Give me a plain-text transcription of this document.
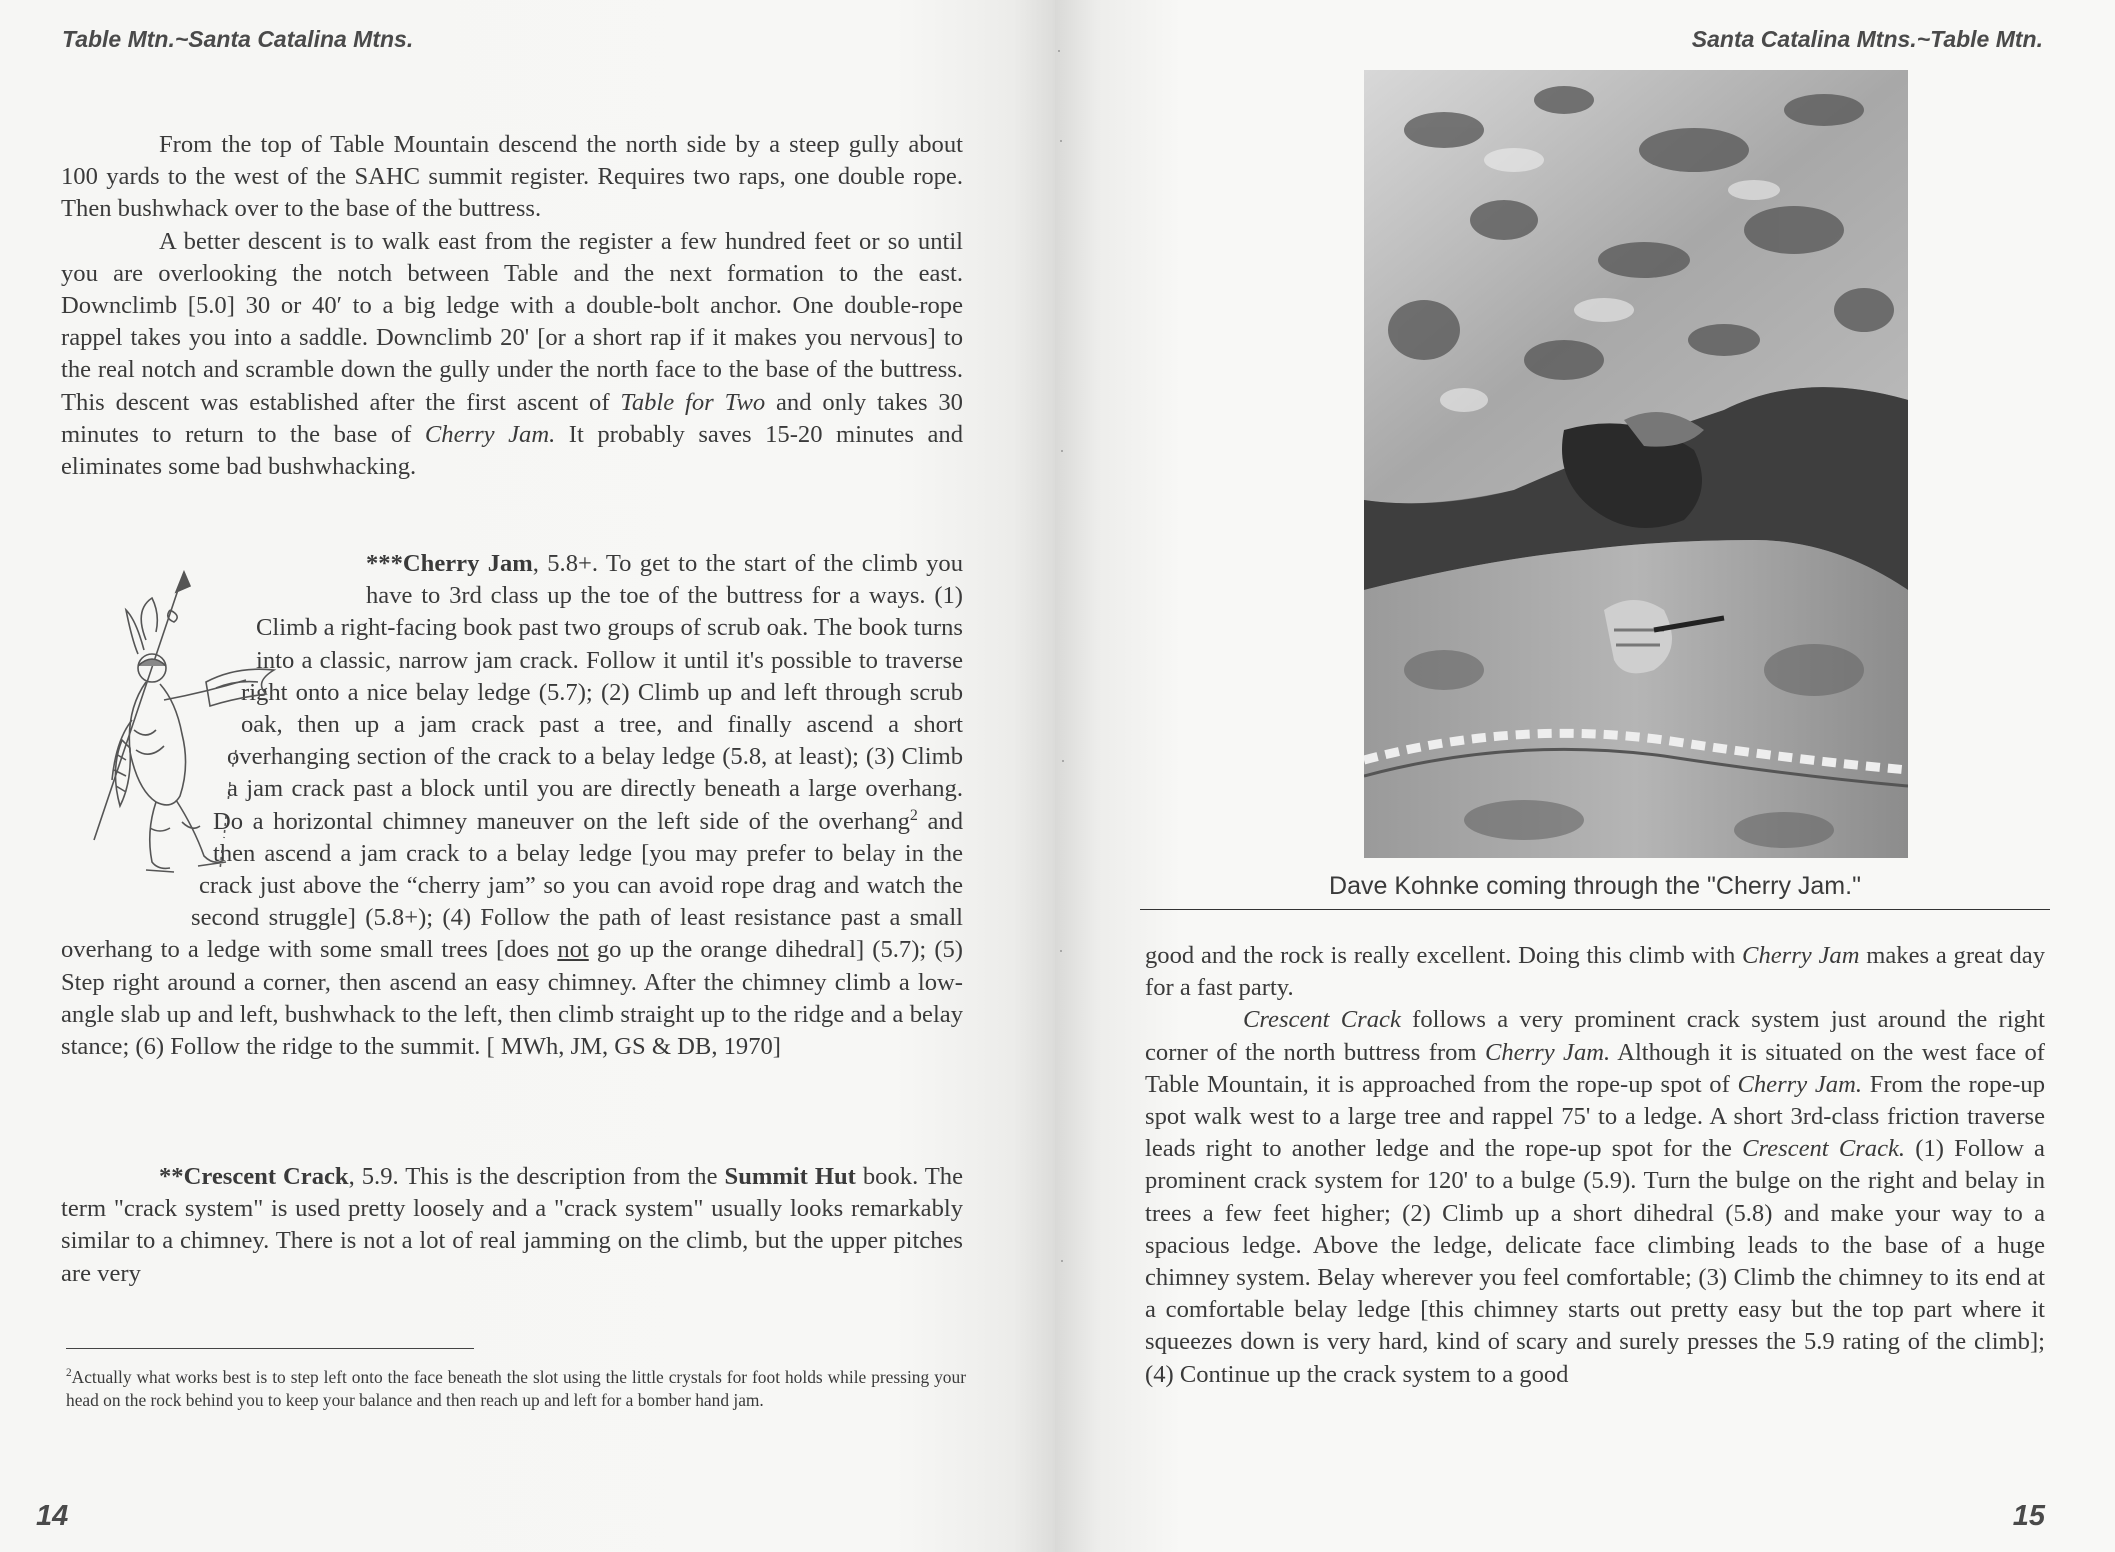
Table Mtn.~Santa Catalina Mtns.

From the top of Table Mountain descend the north side by a steep gully about 100 yards to the west of the SAHC summit register. Requires two raps, one double rope. Then bushwhack over to the base of the buttress.

A better descent is to walk east from the register a few hundred feet or so until you are overlooking the notch between Table and the next formation to the east. Downclimb [5.0] 30 or 40′ to a big ledge with a double-bolt anchor. One double-rope rappel takes you into a saddle. Downclimb 20' [or a short rap if it makes you nervous] to the real notch and scramble down the gully under the north face to the base of the buttress. This descent was established after the first ascent of Table for Two and only takes 30 minutes to return to the base of Cherry Jam. It probably saves 15-20 minutes and eliminates some bad bushwhacking.

***Cherry Jam, 5.8+. To get to the start of the climb you have to 3rd class up the toe of the buttress for a ways. (1) Climb a right-facing book past two groups of scrub oak. The book turns into a classic, narrow jam crack. Follow it until it's possible to traverse right onto a nice belay ledge (5.7); (2) Climb up and left through scrub oak, then up a jam crack past a tree, and finally ascend a short overhanging section of the crack to a belay ledge (5.8, at least); (3) Climb a jam crack past a block until you are directly beneath a large overhang. Do a horizontal chimney maneuver on the left side of the overhang$^2$ and then ascend a jam crack to a belay ledge [you may prefer to belay in the crack just above the “cherry jam” so you can avoid rope drag and watch the second struggle] (5.8+); (4) Follow the path of least resistance past a small overhang to a ledge with some small trees [does not go up the orange dihedral] (5.7); (5) Step right around a corner, then ascend an easy chimney. After the chimney climb a low-angle slab up and left, bushwhack to the left, then climb straight up to the ridge and a belay stance; (6) Follow the ridge to the summit. [ MWh, JM, GS & DB, 1970]

**Crescent Crack, 5.9. This is the description from the Summit Hut book. The term "crack system" is used pretty loosely and a "crack system" usually looks remarkably similar to a chimney. There is not a lot of real jamming on the climb, but the upper pitches are very

$^2$Actually what works best is to step left onto the face beneath the slot using the little crystals for foot holds while pressing your head on the rock behind you to keep your balance and then reach up and left for a bomber hand jam.
14
Santa Catalina Mtns.~Table Mtn.
15
Dave Kohnke coming through the "Cherry Jam."

good and the rock is really excellent. Doing this climb with Cherry Jam makes a great day for a fast party.

Crescent Crack follows a very prominent crack system just around the right corner of the north buttress from Cherry Jam. Although it is situated on the west face of Table Mountain, it is approached from the rope-up spot of Cherry Jam. From the rope-up spot walk west to a large tree and rappel 75' to a ledge. A short 3rd-class friction traverse leads right to another ledge and the rope-up spot for the Crescent Crack. (1) Follow a prominent crack system for 120' to a bulge (5.9). Turn the bulge on the right and belay in trees a few feet higher; (2) Climb up a short dihedral (5.8) and make your way to a spacious ledge. Above the ledge, delicate face climbing leads to the base of a huge chimney system. Belay wherever you feel comfortable; (3) Climb the chimney to its end at a comfortable belay ledge [this chimney starts out pretty easy but the top part where it squeezes down is very hard, kind of scary and surely presses the 5.9 rating of the climb]; (4) Continue up the crack system to a good
